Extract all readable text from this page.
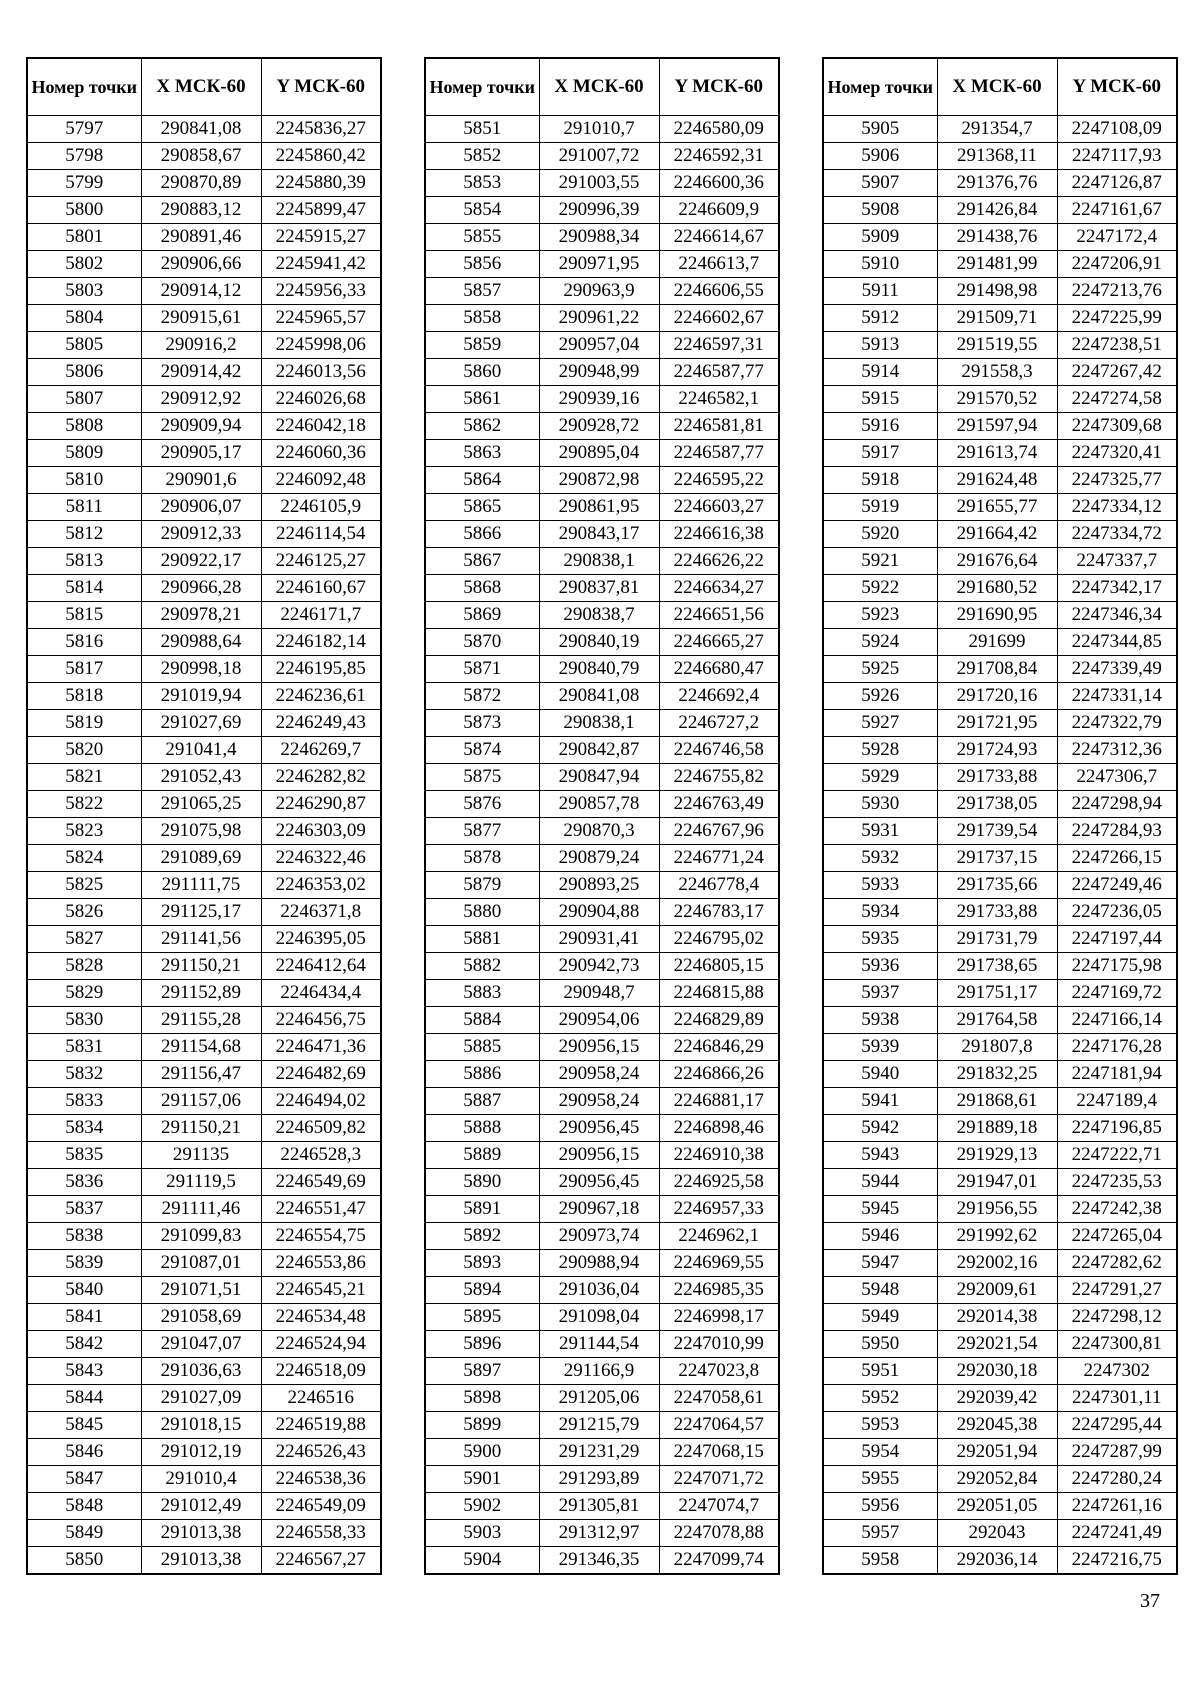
Номер точки	X МСК-60	Y МСК-60
5797	290841,08	2245836,27
5798	290858,67	2245860,42
5799	290870,89	2245880,39
5800	290883,12	2245899,47
5801	290891,46	2245915,27
5802	290906,66	2245941,42
5803	290914,12	2245956,33
5804	290915,61	2245965,57
5805	290916,2	2245998,06
5806	290914,42	2246013,56
5807	290912,92	2246026,68
5808	290909,94	2246042,18
5809	290905,17	2246060,36
5810	290901,6	2246092,48
5811	290906,07	2246105,9
5812	290912,33	2246114,54
5813	290922,17	2246125,27
5814	290966,28	2246160,67
5815	290978,21	2246171,7
5816	290988,64	2246182,14
5817	290998,18	2246195,85
5818	291019,94	2246236,61
5819	291027,69	2246249,43
5820	291041,4	2246269,7
5821	291052,43	2246282,82
5822	291065,25	2246290,87
5823	291075,98	2246303,09
5824	291089,69	2246322,46
5825	291111,75	2246353,02
5826	291125,17	2246371,8
5827	291141,56	2246395,05
5828	291150,21	2246412,64
5829	291152,89	2246434,4
5830	291155,28	2246456,75
5831	291154,68	2246471,36
5832	291156,47	2246482,69
5833	291157,06	2246494,02
5834	291150,21	2246509,82
5835	291135	2246528,3
5836	291119,5	2246549,69
5837	291111,46	2246551,47
5838	291099,83	2246554,75
5839	291087,01	2246553,86
5840	291071,51	2246545,21
5841	291058,69	2246534,48
5842	291047,07	2246524,94
5843	291036,63	2246518,09
5844	291027,09	2246516
5845	291018,15	2246519,88
5846	291012,19	2246526,43
5847	291010,4	2246538,36
5848	291012,49	2246549,09
5849	291013,38	2246558,33
5850	291013,38	2246567,27
Номер точки	X МСК-60	Y МСК-60
5851	291010,7	2246580,09
5852	291007,72	2246592,31
5853	291003,55	2246600,36
5854	290996,39	2246609,9
5855	290988,34	2246614,67
5856	290971,95	2246613,7
5857	290963,9	2246606,55
5858	290961,22	2246602,67
5859	290957,04	2246597,31
5860	290948,99	2246587,77
5861	290939,16	2246582,1
5862	290928,72	2246581,81
5863	290895,04	2246587,77
5864	290872,98	2246595,22
5865	290861,95	2246603,27
5866	290843,17	2246616,38
5867	290838,1	2246626,22
5868	290837,81	2246634,27
5869	290838,7	2246651,56
5870	290840,19	2246665,27
5871	290840,79	2246680,47
5872	290841,08	2246692,4
5873	290838,1	2246727,2
5874	290842,87	2246746,58
5875	290847,94	2246755,82
5876	290857,78	2246763,49
5877	290870,3	2246767,96
5878	290879,24	2246771,24
5879	290893,25	2246778,4
5880	290904,88	2246783,17
5881	290931,41	2246795,02
5882	290942,73	2246805,15
5883	290948,7	2246815,88
5884	290954,06	2246829,89
5885	290956,15	2246846,29
5886	290958,24	2246866,26
5887	290958,24	2246881,17
5888	290956,45	2246898,46
5889	290956,15	2246910,38
5890	290956,45	2246925,58
5891	290967,18	2246957,33
5892	290973,74	2246962,1
5893	290988,94	2246969,55
5894	291036,04	2246985,35
5895	291098,04	2246998,17
5896	291144,54	2247010,99
5897	291166,9	2247023,8
5898	291205,06	2247058,61
5899	291215,79	2247064,57
5900	291231,29	2247068,15
5901	291293,89	2247071,72
5902	291305,81	2247074,7
5903	291312,97	2247078,88
5904	291346,35	2247099,74
Номер точки	X МСК-60	Y МСК-60
5905	291354,7	2247108,09
5906	291368,11	2247117,93
5907	291376,76	2247126,87
5908	291426,84	2247161,67
5909	291438,76	2247172,4
5910	291481,99	2247206,91
5911	291498,98	2247213,76
5912	291509,71	2247225,99
5913	291519,55	2247238,51
5914	291558,3	2247267,42
5915	291570,52	2247274,58
5916	291597,94	2247309,68
5917	291613,74	2247320,41
5918	291624,48	2247325,77
5919	291655,77	2247334,12
5920	291664,42	2247334,72
5921	291676,64	2247337,7
5922	291680,52	2247342,17
5923	291690,95	2247346,34
5924	291699	2247344,85
5925	291708,84	2247339,49
5926	291720,16	2247331,14
5927	291721,95	2247322,79
5928	291724,93	2247312,36
5929	291733,88	2247306,7
5930	291738,05	2247298,94
5931	291739,54	2247284,93
5932	291737,15	2247266,15
5933	291735,66	2247249,46
5934	291733,88	2247236,05
5935	291731,79	2247197,44
5936	291738,65	2247175,98
5937	291751,17	2247169,72
5938	291764,58	2247166,14
5939	291807,8	2247176,28
5940	291832,25	2247181,94
5941	291868,61	2247189,4
5942	291889,18	2247196,85
5943	291929,13	2247222,71
5944	291947,01	2247235,53
5945	291956,55	2247242,38
5946	291992,62	2247265,04
5947	292002,16	2247282,62
5948	292009,61	2247291,27
5949	292014,38	2247298,12
5950	292021,54	2247300,81
5951	292030,18	2247302
5952	292039,42	2247301,11
5953	292045,38	2247295,44
5954	292051,94	2247287,99
5955	292052,84	2247280,24
5956	292051,05	2247261,16
5957	292043	2247241,49
5958	292036,14	2247216,75
37
